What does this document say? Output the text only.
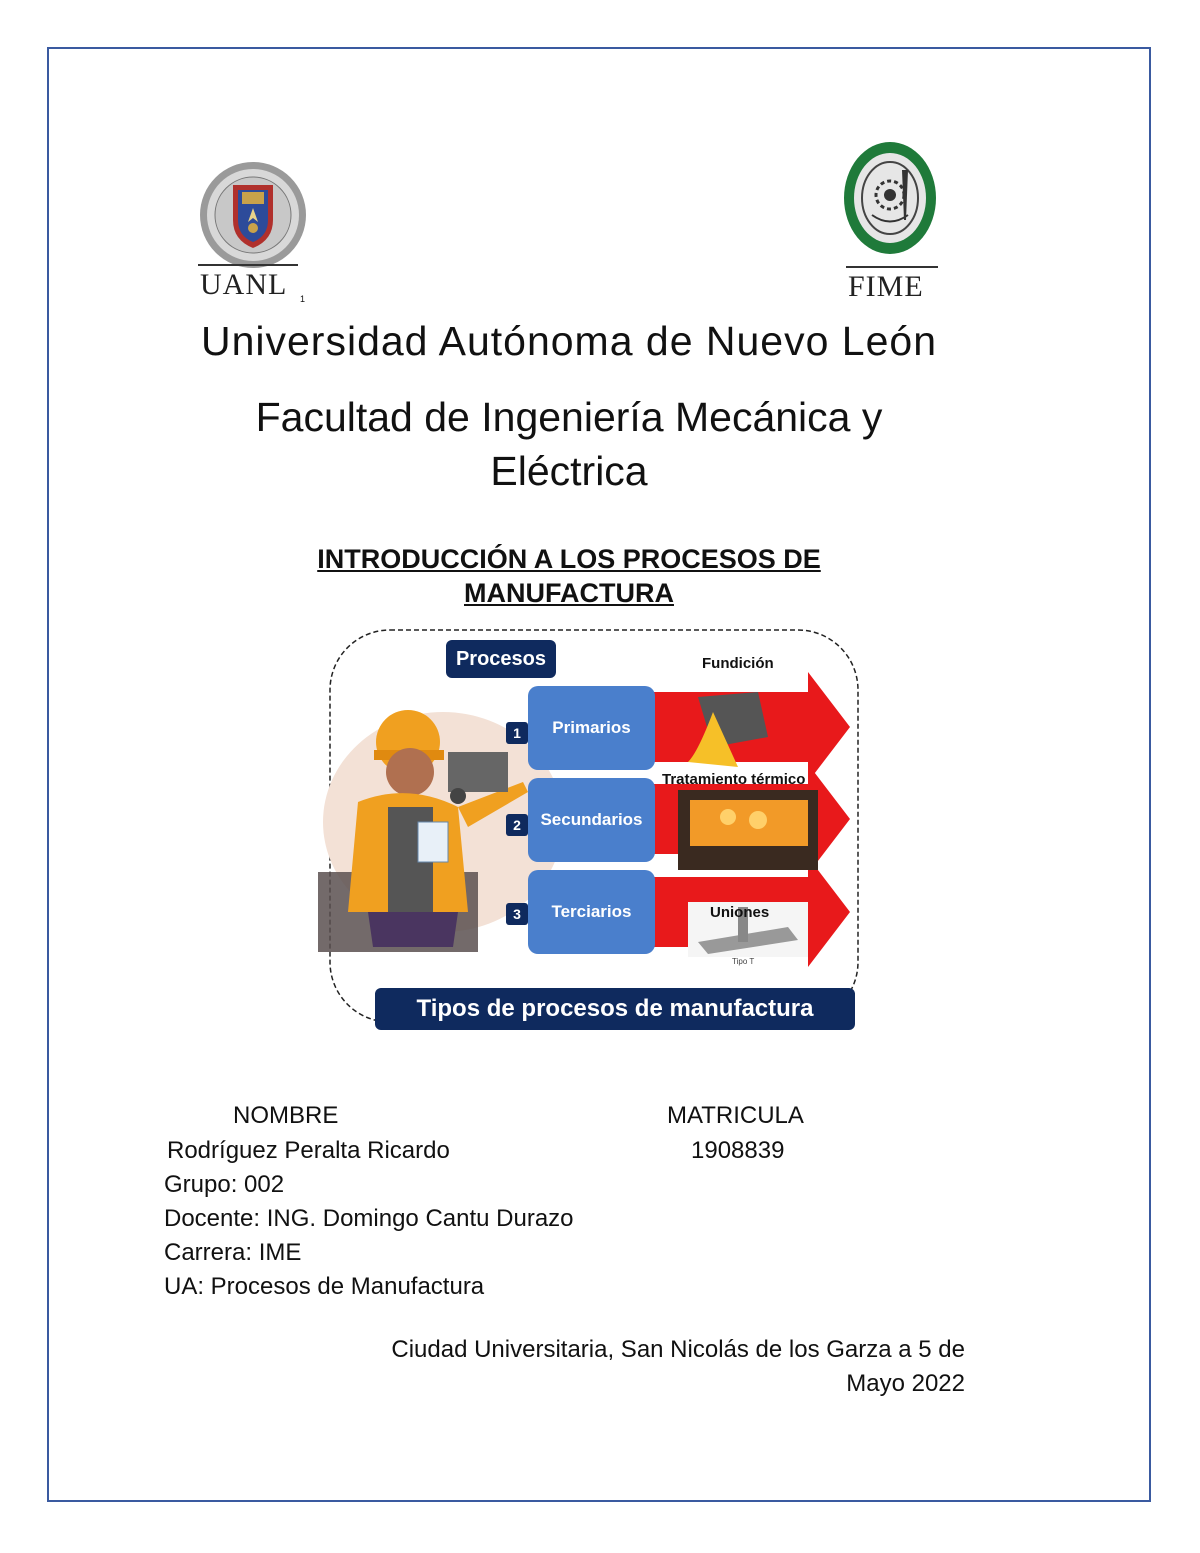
UANL 1	FIME
Universidad Autónoma de Nuevo León
Facultad de Ingeniería Mecánica y
Eléctrica
INTRODUCCIÓN A LOS PROCESOS DE
MANUFACTURA
Procesos
1	Primarios
Fundición
2	Secundarios
Tratamiento térmico
3	Terciarios	Uniones
Tipo T
Tipos de procesos de manufactura
NOMBRE	MATRICULA
Rodríguez Peralta Ricardo	1908839
Grupo: 002
Docente: ING. Domingo Cantu Durazo
Carrera: IME
UA: Procesos de Manufactura
Ciudad Universitaria, San Nicolás de los Garza a 5 de
Mayo 2022
